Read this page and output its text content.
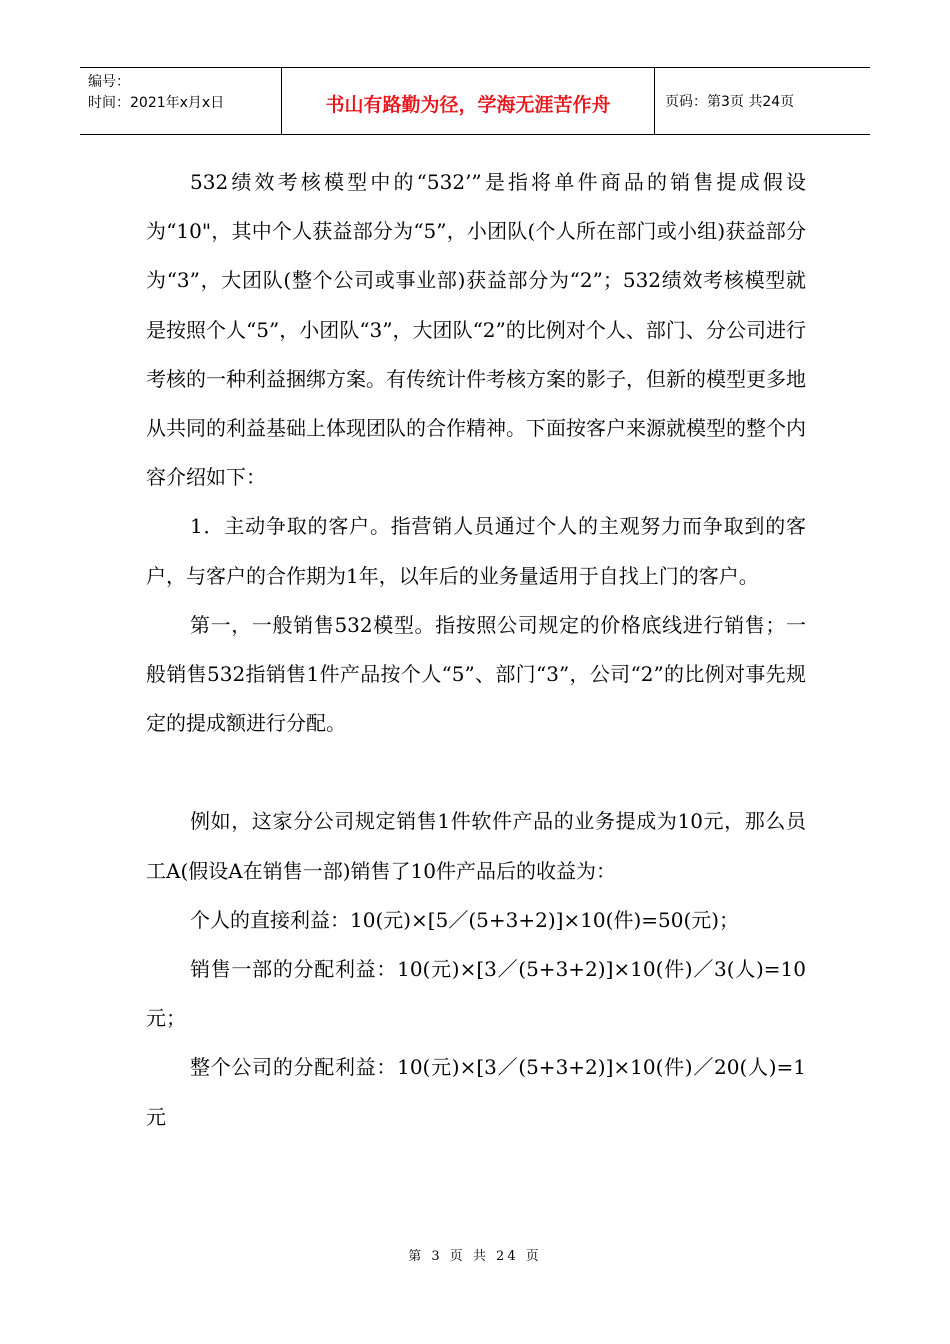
编号：
时间：2021年x月x日	书山有路勤为径，学海无涯苦作舟	页码：第3页 共24页

532绩效考核模型中的“532’”是指将单件商品的销售提成假设为“10"，其中个人获益部分为“5”，小团队(个人所在部门或小组)获益部分为“3”，大团队(整个公司或事业部)获益部分为“2”；532绩效考核模型就是按照个人“5”，小团队“3”，大团队“2”的比例对个人、部门、分公司进行考核的一种利益捆绑方案。有传统计件考核方案的影子，但新的模型更多地从共同的利益基础上体现团队的合作精神。下面按客户来源就模型的整个内容介绍如下：

1．主动争取的客户。指营销人员通过个人的主观努力而争取到的客户，与客户的合作期为1年，以年后的业务量适用于自找上门的客户。

第一，一般销售532模型。指按照公司规定的价格底线进行销售；一般销售532指销售1件产品按个人“5”、部门“3”，公司“2”的比例对事先规定的提成额进行分配。

例如，这家分公司规定销售1件软件产品的业务提成为10元，那么员工A(假设A在销售一部)销售了10件产品后的收益为：

个人的直接利益：10(元)×[5／(5+3+2)]×10(件)=50(元)；

销售一部的分配利益：10(元)×[3／(5+3+2)]×10(件)／3(人)=10元；

整个公司的分配利益：10(元)×[3／(5+3+2)]×10(件)／20(人)=1元

第 3 页 共 24 页
